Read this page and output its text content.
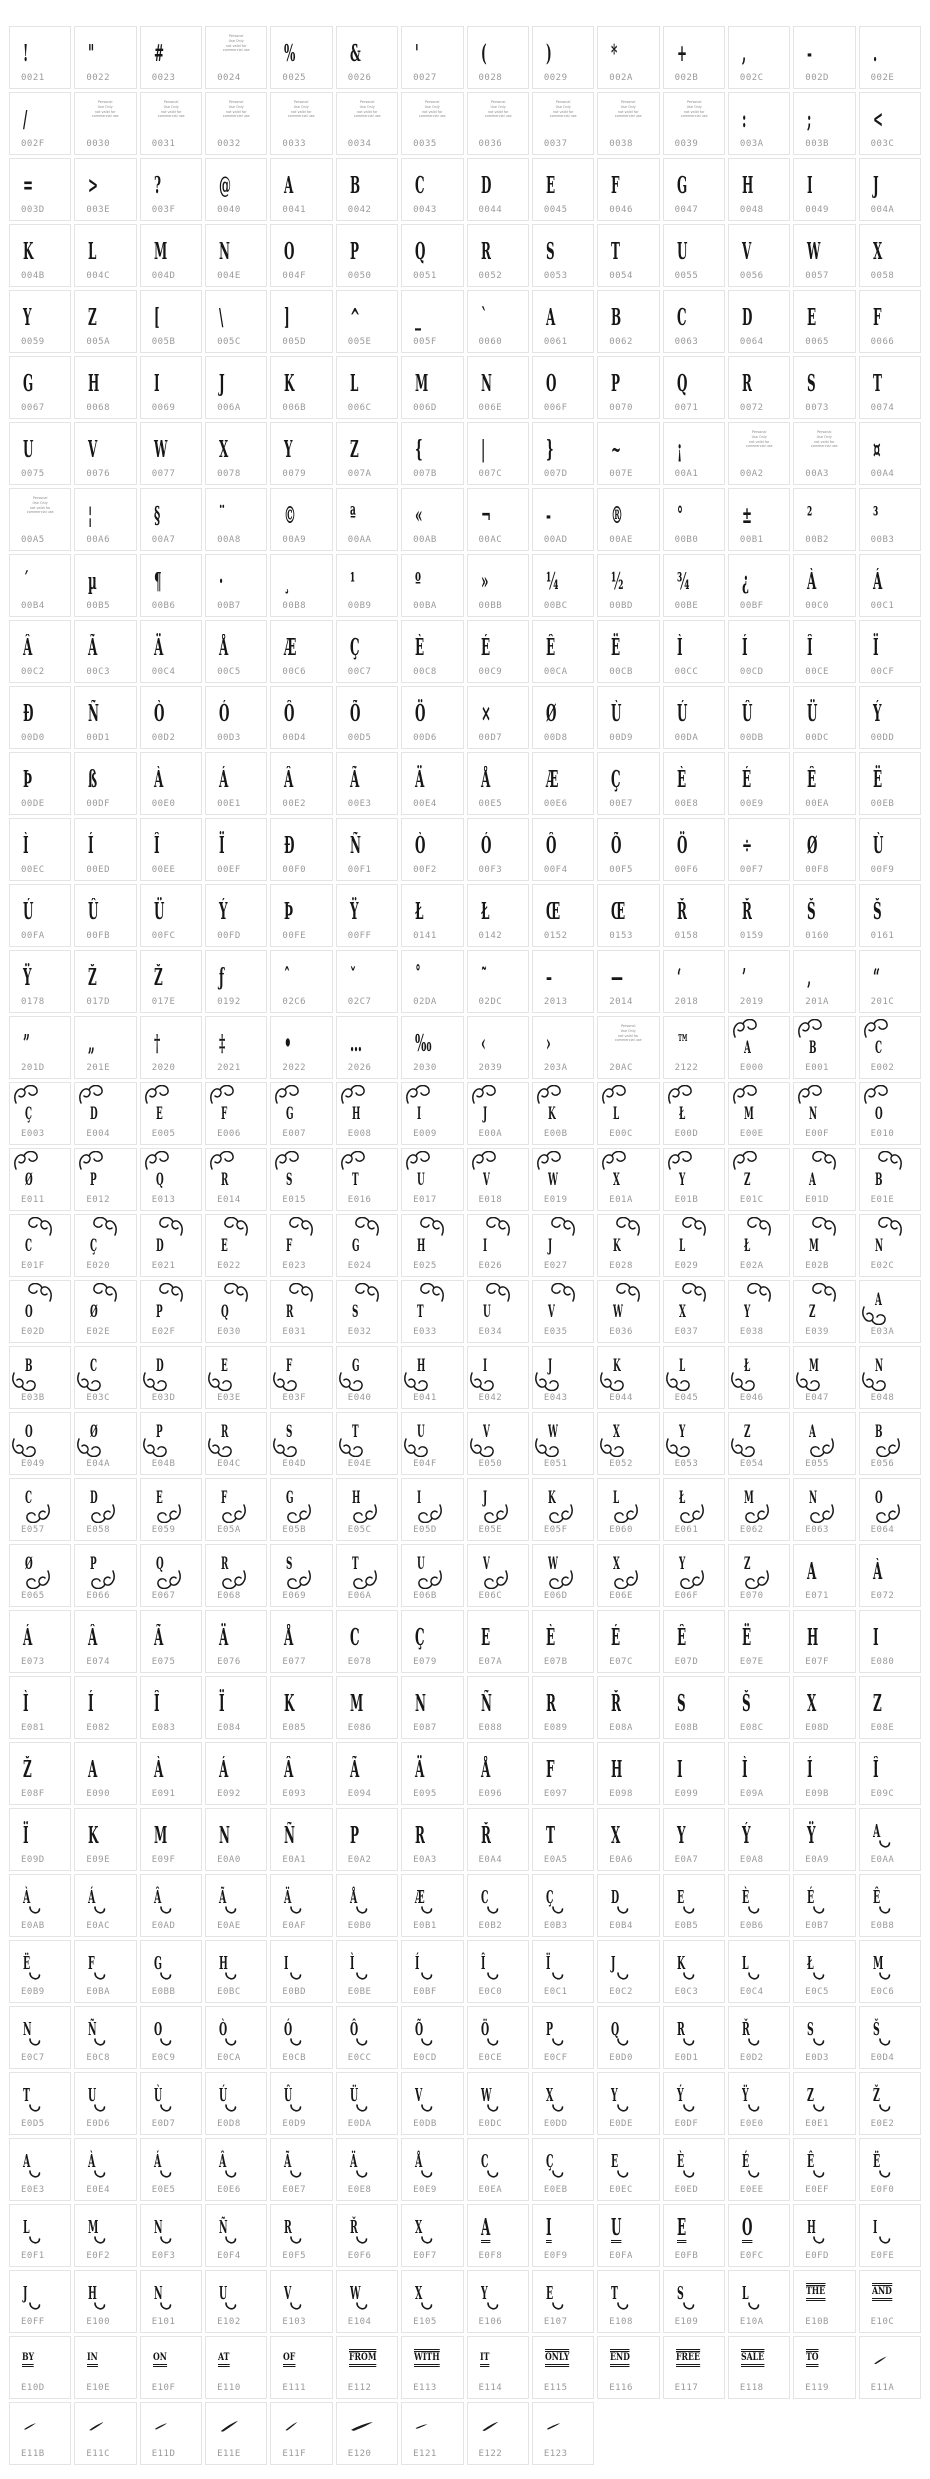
!
0021
"
0022
#
0023
Personal
Use Only
not valid for
commercial use
0024
%
0025
&
0026
'
0027
(
0028
)
0029
*
002A
+
002B
,
002C
-
002D
.
002E
/
002F
Personal
Use Only
not valid for
commercial use
0030
Personal
Use Only
not valid for
commercial use
0031
Personal
Use Only
not valid for
commercial use
0032
Personal
Use Only
not valid for
commercial use
0033
Personal
Use Only
not valid for
commercial use
0034
Personal
Use Only
not valid for
commercial use
0035
Personal
Use Only
not valid for
commercial use
0036
Personal
Use Only
not valid for
commercial use
0037
Personal
Use Only
not valid for
commercial use
0038
Personal
Use Only
not valid for
commercial use
0039
:
003A
;
003B
<
003C
=
003D
>
003E
?
003F
@
0040
A
0041
B
0042
C
0043
D
0044
E
0045
F
0046
G
0047
H
0048
I
0049
J
004A
K
004B
L
004C
M
004D
N
004E
O
004F
P
0050
Q
0051
R
0052
S
0053
T
0054
U
0055
V
0056
W
0057
X
0058
Y
0059
Z
005A
[
005B
\
005C
]
005D
^
005E
_
005F
`
0060
A
0061
B
0062
C
0063
D
0064
E
0065
F
0066
G
0067
H
0068
I
0069
J
006A
K
006B
L
006C
M
006D
N
006E
O
006F
P
0070
Q
0071
R
0072
S
0073
T
0074
U
0075
V
0076
W
0077
X
0078
Y
0079
Z
007A
{
007B
|
007C
}
007D
~
007E
¡
00A1
Personal
Use Only
not valid for
commercial use
00A2
Personal
Use Only
not valid for
commercial use
00A3
¤
00A4
Personal
Use Only
not valid for
commercial use
00A5
¦
00A6
§
00A7
¨
00A8
©
00A9
ª
00AA
«
00AB
¬
00AC
-
00AD
®
00AE
°
00B0
±
00B1
²
00B2
³
00B3
´
00B4
µ
00B5
¶
00B6
·
00B7
¸
00B8
¹
00B9
º
00BA
»
00BB
¼
00BC
½
00BD
¾
00BE
¿
00BF
À
00C0
Á
00C1
Â
00C2
Ã
00C3
Ä
00C4
Å
00C5
Æ
00C6
Ç
00C7
È
00C8
É
00C9
Ê
00CA
Ë
00CB
Ì
00CC
Í
00CD
Î
00CE
Ï
00CF
Ð
00D0
Ñ
00D1
Ò
00D2
Ó
00D3
Ô
00D4
Õ
00D5
Ö
00D6
×
00D7
Ø
00D8
Ù
00D9
Ú
00DA
Û
00DB
Ü
00DC
Ý
00DD
Þ
00DE
ß
00DF
À
00E0
Á
00E1
Â
00E2
Ã
00E3
Ä
00E4
Å
00E5
Æ
00E6
Ç
00E7
È
00E8
É
00E9
Ê
00EA
Ë
00EB
Ì
00EC
Í
00ED
Î
00EE
Ï
00EF
Ð
00F0
Ñ
00F1
Ò
00F2
Ó
00F3
Ô
00F4
Õ
00F5
Ö
00F6
÷
00F7
Ø
00F8
Ù
00F9
Ú
00FA
Û
00FB
Ü
00FC
Ý
00FD
Þ
00FE
Ÿ
00FF
Ł
0141
Ł
0142
Œ
0152
Œ
0153
Ř
0158
Ř
0159
Š
0160
Š
0161
Ÿ
0178
Ž
017D
Ž
017E
ƒ
0192
ˆ
02C6
ˇ
02C7
˚
02DA
˜
02DC
–
2013
—
2014
‘
2018
’
2019
‚
201A
“
201C
”
201D
„
201E
†
2020
‡
2021
•
2022
…
2026
‰
2030
‹
2039
›
203A
Personal
Use Only
not valid for
commercial use
20AC
™
2122
A
E000
B
E001
C
E002
Ç
E003
D
E004
E
E005
F
E006
G
E007
H
E008
I
E009
J
E00A
K
E00B
L
E00C
Ł
E00D
M
E00E
N
E00F
O
E010
Ø
E011
P
E012
Q
E013
R
E014
S
E015
T
E016
U
E017
V
E018
W
E019
X
E01A
Y
E01B
Z
E01C
A
E01D
B
E01E
C
E01F
Ç
E020
D
E021
E
E022
F
E023
G
E024
H
E025
I
E026
J
E027
K
E028
L
E029
Ł
E02A
M
E02B
N
E02C
O
E02D
Ø
E02E
P
E02F
Q
E030
R
E031
S
E032
T
E033
U
E034
V
E035
W
E036
X
E037
Y
E038
Z
E039
A
E03A
B
E03B
C
E03C
D
E03D
E
E03E
F
E03F
G
E040
H
E041
I
E042
J
E043
K
E044
L
E045
Ł
E046
M
E047
N
E048
O
E049
Ø
E04A
P
E04B
R
E04C
S
E04D
T
E04E
U
E04F
V
E050
W
E051
X
E052
Y
E053
Z
E054
A
E055
B
E056
C
E057
D
E058
E
E059
F
E05A
G
E05B
H
E05C
I
E05D
J
E05E
K
E05F
L
E060
Ł
E061
M
E062
N
E063
O
E064
Ø
E065
P
E066
Q
E067
R
E068
S
E069
T
E06A
U
E06B
V
E06C
W
E06D
X
E06E
Y
E06F
Z
E070
A
E071
À
E072
Á
E073
Â
E074
Ã
E075
Ä
E076
Å
E077
C
E078
Ç
E079
E
E07A
È
E07B
É
E07C
Ê
E07D
Ë
E07E
H
E07F
I
E080
Ì
E081
Í
E082
Î
E083
Ï
E084
K
E085
M
E086
N
E087
Ñ
E088
R
E089
Ř
E08A
S
E08B
Š
E08C
X
E08D
Z
E08E
Ž
E08F
A
E090
À
E091
Á
E092
Â
E093
Ã
E094
Ä
E095
Å
E096
F
E097
H
E098
I
E099
Ì
E09A
Í
E09B
Î
E09C
Ï
E09D
K
E09E
M
E09F
N
E0A0
Ñ
E0A1
P
E0A2
R
E0A3
Ř
E0A4
T
E0A5
X
E0A6
Y
E0A7
Ý
E0A8
Ÿ
E0A9
A
E0AA
À
E0AB
Á
E0AC
Â
E0AD
Ã
E0AE
Ä
E0AF
Å
E0B0
Æ
E0B1
C
E0B2
Ç
E0B3
D
E0B4
E
E0B5
È
E0B6
É
E0B7
Ê
E0B8
Ë
E0B9
F
E0BA
G
E0BB
H
E0BC
I
E0BD
Ì
E0BE
Í
E0BF
Î
E0C0
Ï
E0C1
J
E0C2
K
E0C3
L
E0C4
Ł
E0C5
M
E0C6
N
E0C7
Ñ
E0C8
O
E0C9
Ò
E0CA
Ó
E0CB
Ô
E0CC
Õ
E0CD
Ö
E0CE
P
E0CF
Q
E0D0
R
E0D1
Ř
E0D2
S
E0D3
Š
E0D4
T
E0D5
U
E0D6
Ù
E0D7
Ú
E0D8
Û
E0D9
Ü
E0DA
V
E0DB
W
E0DC
X
E0DD
Y
E0DE
Ý
E0DF
Ÿ
E0E0
Z
E0E1
Ž
E0E2
A
E0E3
À
E0E4
Á
E0E5
Â
E0E6
Ã
E0E7
Ä
E0E8
Å
E0E9
C
E0EA
Ç
E0EB
E
E0EC
È
E0ED
É
E0EE
Ê
E0EF
Ë
E0F0
L
E0F1
M
E0F2
N
E0F3
Ñ
E0F4
R
E0F5
Ř
E0F6
X
E0F7
A
E0F8
I
E0F9
U
E0FA
E
E0FB
O
E0FC
H
E0FD
I
E0FE
J
E0FF
H
E100
N
E101
U
E102
V
E103
W
E104
X
E105
Y
E106
E
E107
T
E108
S
E109
L
E10A
THE
E10B
AND
E10C
BY
E10D
IN
E10E
ON
E10F
AT
E110
OF
E111
FROM
E112
WITH
E113
IT
E114
ONLY
E115
END
E116
FREE
E117
SALE
E118
TO
E119	E11A
E11B	E11C	E11D	E11E	E11F	E120	E121	E122	E123
